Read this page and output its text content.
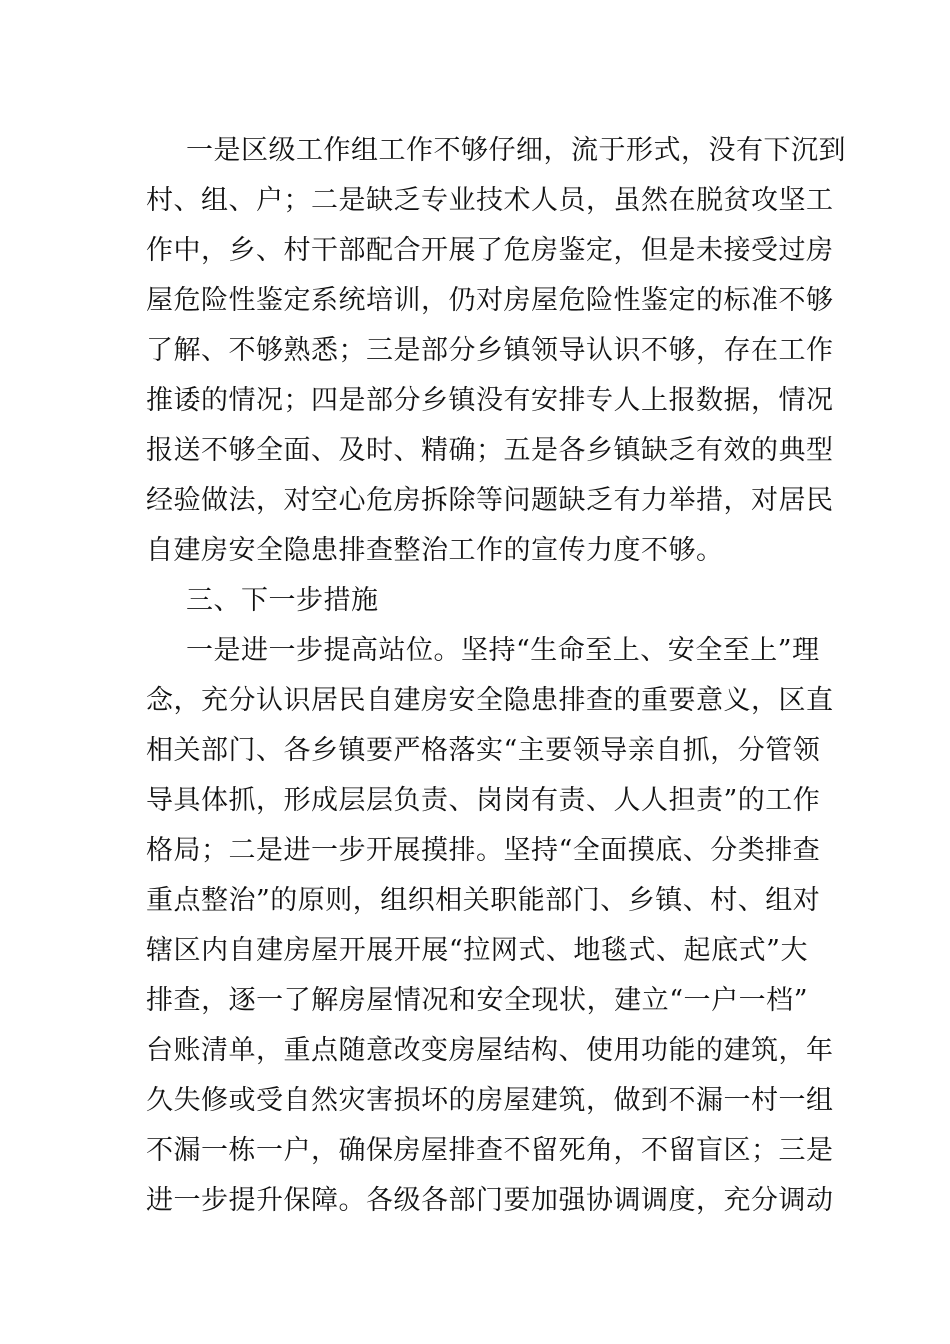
一是区级工作组工作不够仔细，流于形式，没有下沉到
村、组、户；二是缺乏专业技术人员，虽然在脱贫攻坚工
作中，乡、村干部配合开展了危房鉴定，但是未接受过房
屋危险性鉴定系统培训，仍对房屋危险性鉴定的标准不够
了解、不够熟悉；三是部分乡镇领导认识不够，存在工作
推诿的情况；四是部分乡镇没有安排专人上报数据，情况
报送不够全面、及时、精确；五是各乡镇缺乏有效的典型
经验做法，对空心危房拆除等问题缺乏有力举措，对居民
自建房安全隐患排查整治工作的宣传力度不够。
三、下一步措施
一是进一步提高站位。坚持“生命至上、安全至上”理
念，充分认识居民自建房安全隐患排查的重要意义，区直
相关部门、各乡镇要严格落实“主要领导亲自抓，分管领
导具体抓，形成层层负责、岗岗有责、人人担责”的工作
格局；二是进一步开展摸排。坚持“全面摸底、分类排查
重点整治”的原则，组织相关职能部门、乡镇、村、组对
辖区内自建房屋开展开展“拉网式、地毯式、起底式”大
排查，逐一了解房屋情况和安全现状，建立“一户一档”
台账清单，重点随意改变房屋结构、使用功能的建筑，年
久失修或受自然灾害损坏的房屋建筑，做到不漏一村一组
不漏一栋一户，确保房屋排查不留死角，不留盲区；三是
进一步提升保障。各级各部门要加强协调调度，充分调动
